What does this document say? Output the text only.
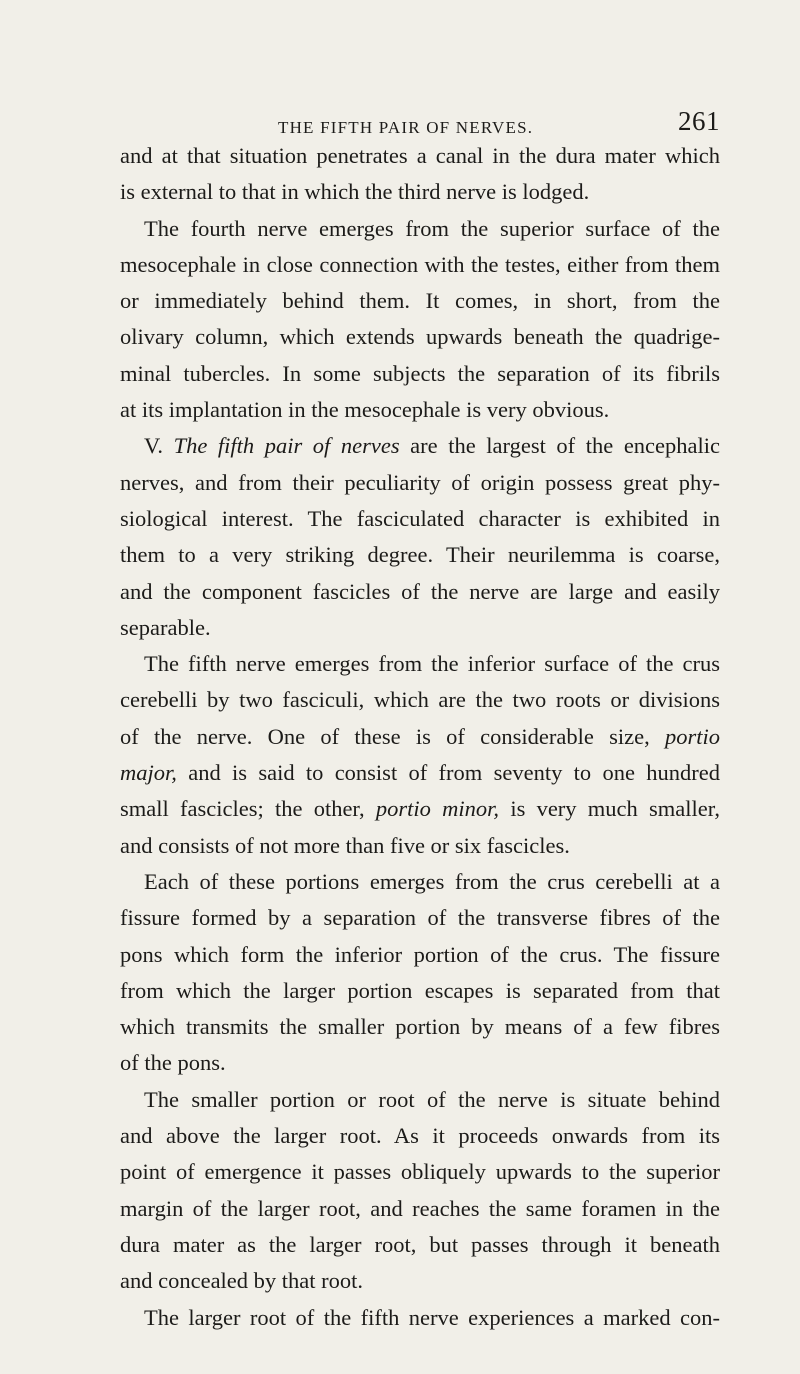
THE FIFTH PAIR OF NERVES.	261
and at that situation penetrates a canal in the dura mater which
is external to that in which the third nerve is lodged.
The fourth nerve emerges from the superior surface of the
mesocephale in close connection with the testes, either from them
or immediately behind them. It comes, in short, from the
olivary column, which extends upwards beneath the quadrige-
minal tubercles. In some subjects the separation of its fibrils
at its implantation in the mesocephale is very obvious.
V. The fifth pair of nerves are the largest of the encephalic
nerves, and from their peculiarity of origin possess great phy-
siological interest. The fasciculated character is exhibited in
them to a very striking degree. Their neurilemma is coarse,
and the component fascicles of the nerve are large and easily
separable.
The fifth nerve emerges from the inferior surface of the crus
cerebelli by two fasciculi, which are the two roots or divisions
of the nerve. One of these is of considerable size, portio
major, and is said to consist of from seventy to one hundred
small fascicles; the other, portio minor, is very much smaller,
and consists of not more than five or six fascicles.
Each of these portions emerges from the crus cerebelli at a
fissure formed by a separation of the transverse fibres of the
pons which form the inferior portion of the crus. The fissure
from which the larger portion escapes is separated from that
which transmits the smaller portion by means of a few fibres
of the pons.
The smaller portion or root of the nerve is situate behind
and above the larger root. As it proceeds onwards from its
point of emergence it passes obliquely upwards to the superior
margin of the larger root, and reaches the same foramen in the
dura mater as the larger root, but passes through it beneath
and concealed by that root.
The larger root of the fifth nerve experiences a marked con-
